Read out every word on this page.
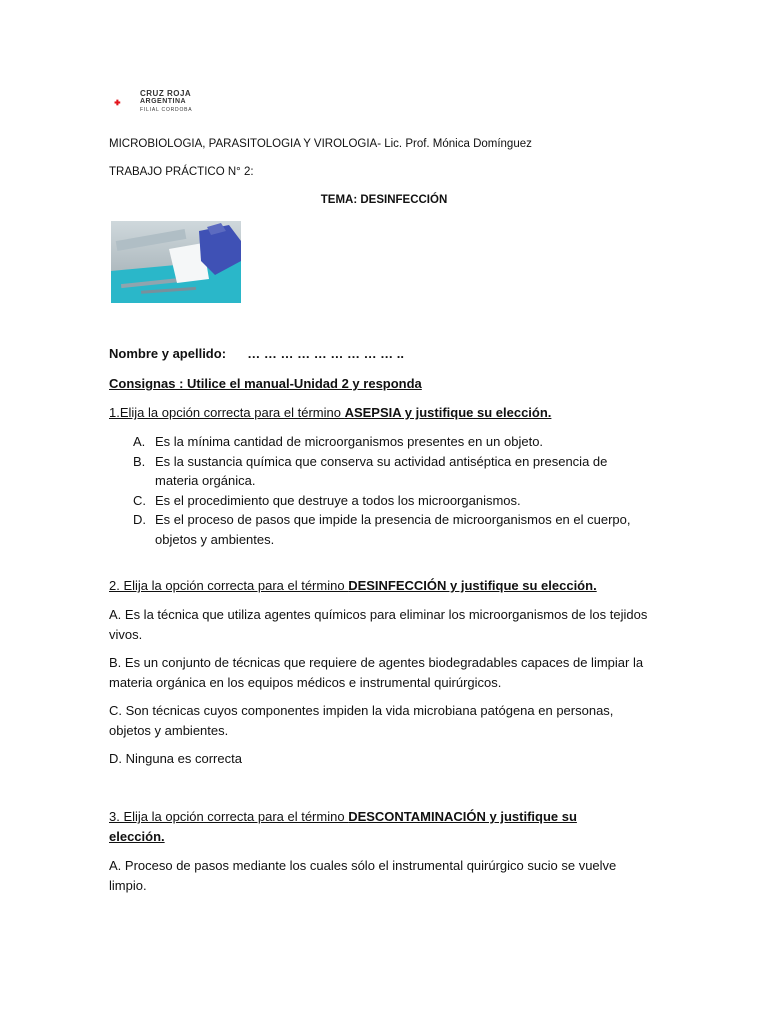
CRUZ ROJA
ARGENTINA
FILIAL CORDOBA
MICROBIOLOGIA, PARASITOLOGIA Y VIROLOGIA- Lic. Prof. Mónica Domínguez
TRABAJO PRÁCTICO N° 2:
TEMA: DESINFECCIÓN
Nombre y apellido: … … … … … … … … … ..
Consignas : Utilice el manual-Unidad 2 y responda
1.Elija la opción correcta para el término ASEPSIA y justifique su elección.
A. Es la mínima cantidad de microorganismos presentes en un objeto.
B. Es la sustancia química que conserva su actividad antiséptica en presencia de materia orgánica.
C. Es el procedimiento que destruye a todos los microorganismos.
D. Es el proceso de pasos que impide la presencia de microorganismos en el cuerpo, objetos y ambientes.
2. Elija la opción correcta para el término DESINFECCIÓN y justifique su elección.
A. Es la técnica que utiliza agentes químicos para eliminar los microorganismos de los tejidos vivos.
B. Es un conjunto de técnicas que requiere de agentes biodegradables capaces de limpiar la materia orgánica en los equipos médicos e instrumental quirúrgicos.
C. Son técnicas cuyos componentes impiden la vida microbiana patógena en personas, objetos y ambientes.
D. Ninguna es correcta
3. Elija la opción correcta para el término DESCONTAMINACIÓN y justifique su elección.
A. Proceso de pasos mediante los cuales sólo el instrumental quirúrgico sucio se vuelve limpio.
